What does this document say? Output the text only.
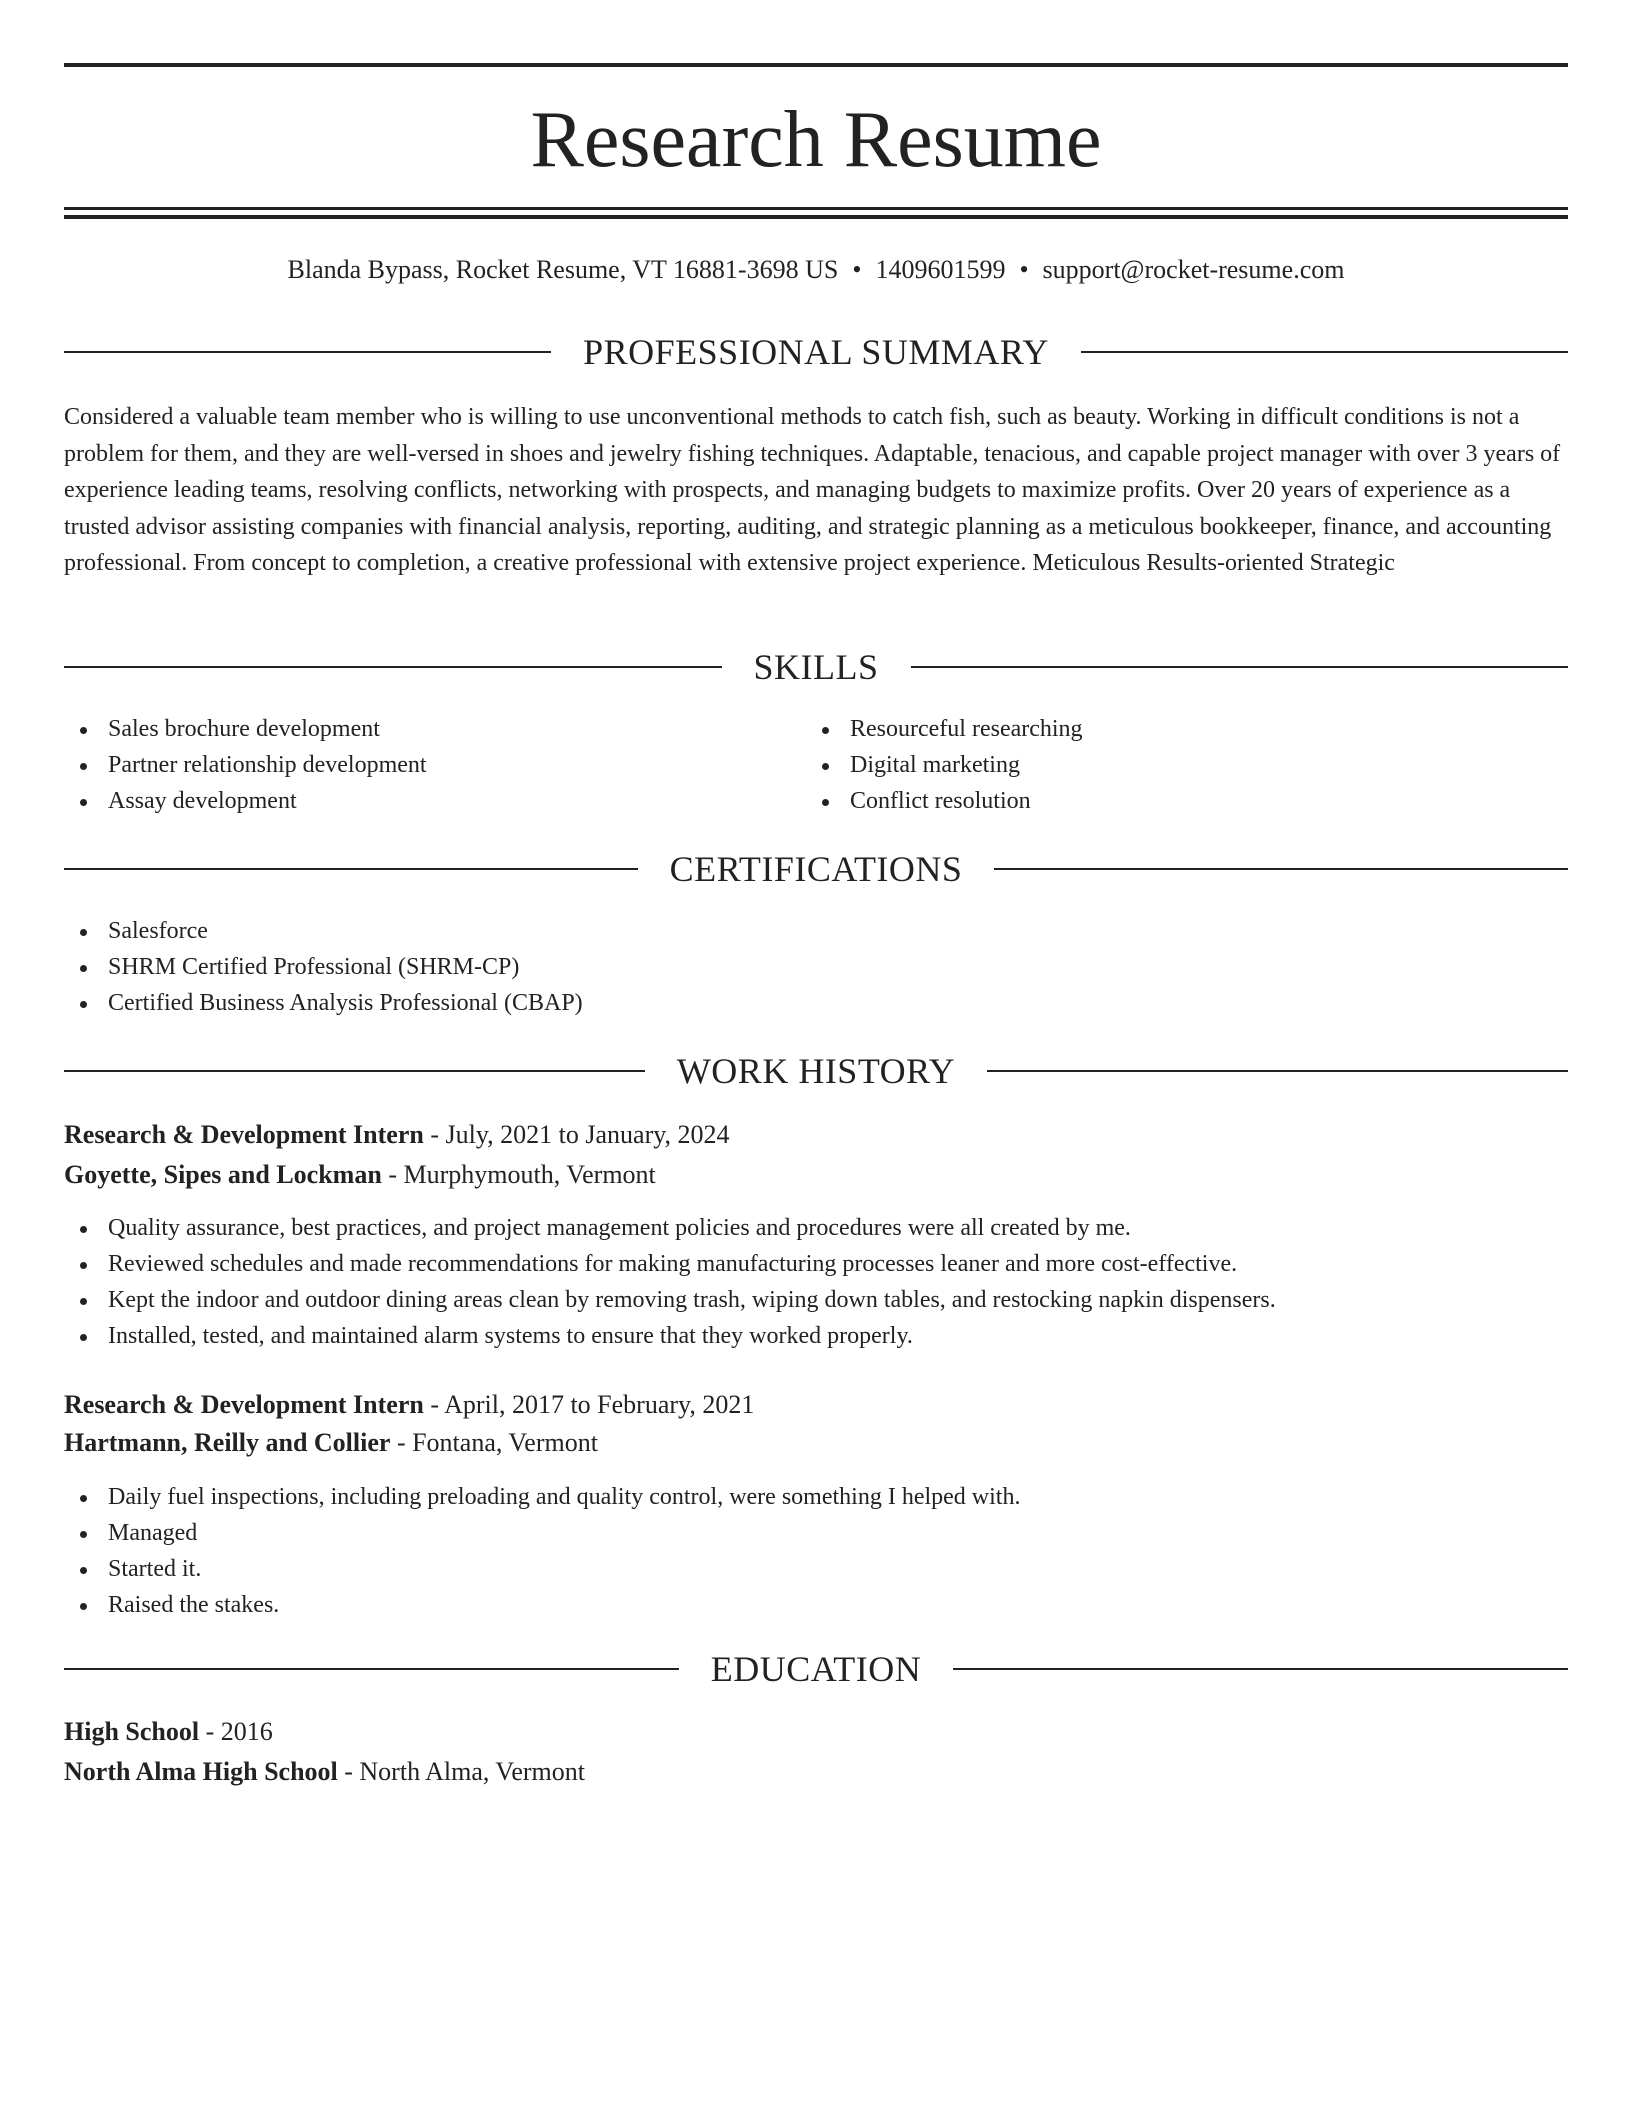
Research Resume
Blanda Bypass, Rocket Resume, VT 16881-3698 US • 1409601599 • support@rocket-resume.com
PROFESSIONAL SUMMARY

Considered a valuable team member who is willing to use unconventional methods to catch fish, such as beauty. Working in difficult conditions is not a problem for them, and they are well-versed in shoes and jewelry fishing techniques. Adaptable, tenacious, and capable project manager with over 3 years of experience leading teams, resolving conflicts, networking with prospects, and managing budgets to maximize profits. Over 20 years of experience as a trusted advisor assisting companies with financial analysis, reporting, auditing, and strategic planning as a meticulous bookkeeper, finance, and accounting professional. From concept to completion, a creative professional with extensive project experience. Meticulous Results-oriented Strategic

SKILLS
Sales brochure development
Partner relationship development
Assay development
Resourceful researching
Digital marketing
Conflict resolution
CERTIFICATIONS
Salesforce
SHRM Certified Professional (SHRM-CP)
Certified Business Analysis Professional (CBAP)
WORK HISTORY
Research & Development Intern - July, 2021 to January, 2024
Goyette, Sipes and Lockman - Murphymouth, Vermont
Quality assurance, best practices, and project management policies and procedures were all created by me.
Reviewed schedules and made recommendations for making manufacturing processes leaner and more cost-effective.
Kept the indoor and outdoor dining areas clean by removing trash, wiping down tables, and restocking napkin dispensers.
Installed, tested, and maintained alarm systems to ensure that they worked properly.
Research & Development Intern - April, 2017 to February, 2021
Hartmann, Reilly and Collier - Fontana, Vermont
Daily fuel inspections, including preloading and quality control, were something I helped with.
Managed
Started it.
Raised the stakes.
EDUCATION
High School - 2016
North Alma High School - North Alma, Vermont
